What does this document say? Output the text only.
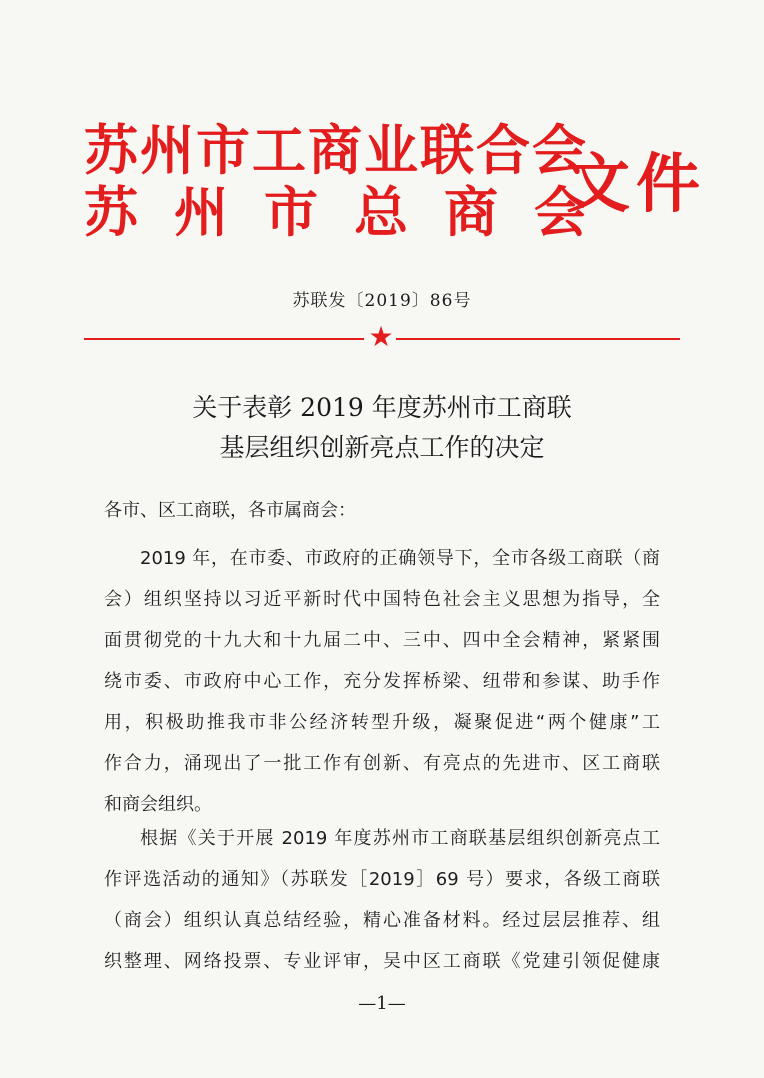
苏州市工商业联合会
苏州市总商会
文件
苏联发〔2019〕86号
★
关于表彰 2019 年度苏州市工商联
基层组织创新亮点工作的决定
各市、区工商联，各市属商会：
2019 年，在市委、市政府的正确领导下，全市各级工商联（商
会）组织坚持以习近平新时代中国特色社会主义思想为指导，全
面贯彻党的十九大和十九届二中、三中、四中全会精神，紧紧围
绕市委、市政府中心工作，充分发挥桥梁、纽带和参谋、助手作
用，积极助推我市非公经济转型升级，凝聚促进“两个健康”工
作合力，涌现出了一批工作有创新、有亮点的先进市、区工商联
和商会组织。
根据《关于开展 2019 年度苏州市工商联基层组织创新亮点工
作评选活动的通知》（苏联发［2019］69 号）要求，各级工商联
（商会）组织认真总结经验，精心准备材料。经过层层推荐、组
织整理、网络投票、专业评审，吴中区工商联《党建引领促健康
—1—
